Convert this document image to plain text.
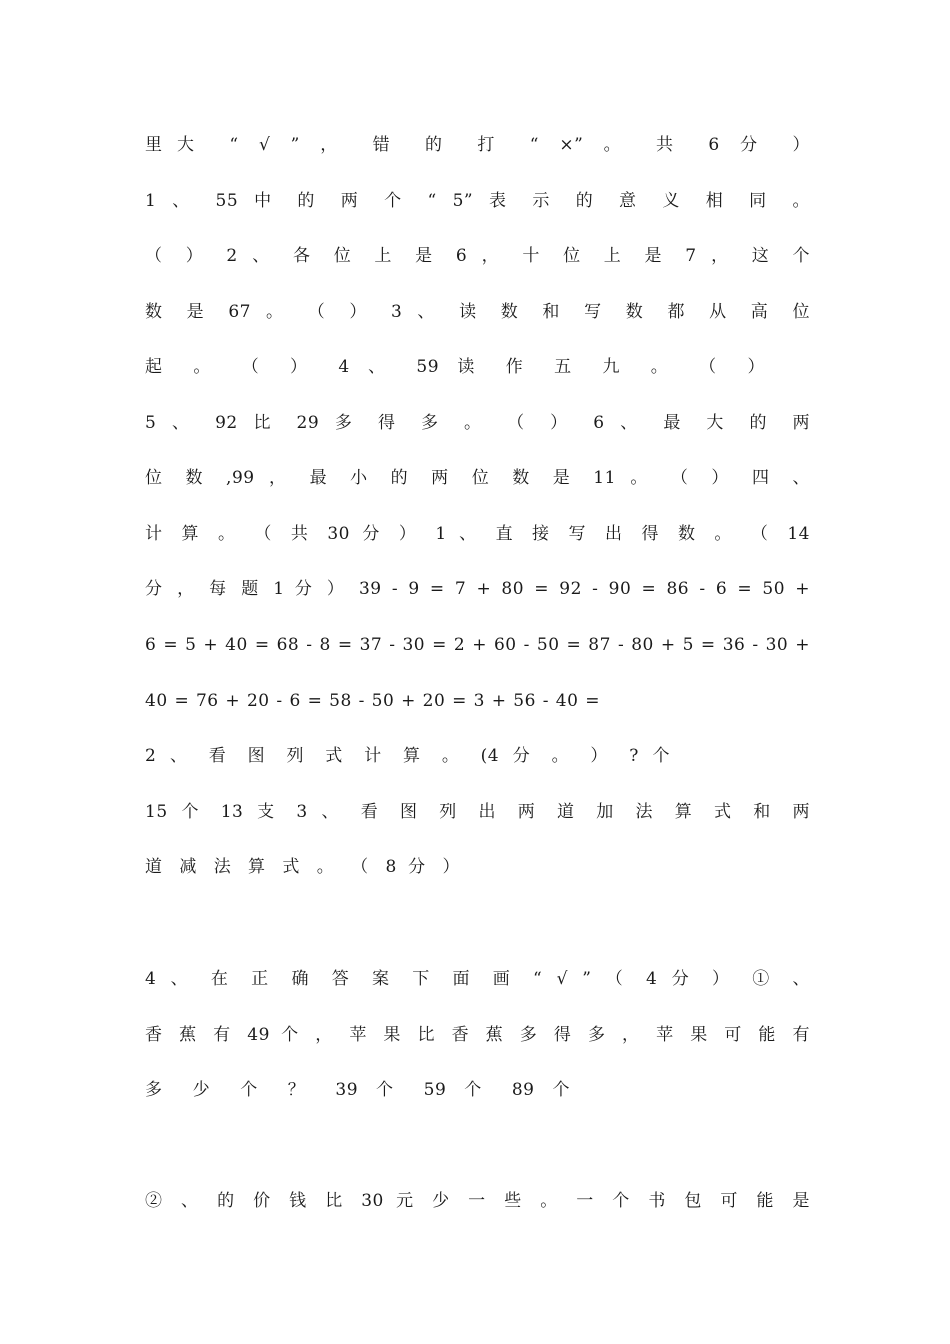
里大 “ √ ” ， 错 的 打 “ ×” 。 共 6 分 ）
1 、 55 中 的 两 个 “ 5” 表 示 的 意 义 相 同 。
（ ） 2 、 各 位 上 是 6 ， 十 位 上 是 7 ， 这 个
数 是 67 。 （ ） 3 、 读 数 和 写 数 都 从 高 位
起 。 （ ） 4 、 59 读 作 五 九 。 （ ）
5 、 92 比 29 多 得 多 。 （ ） 6 、 最 大 的 两
位 数 ,99 ， 最 小 的 两 位 数 是 11 。 （ ） 四 、
计 算 。 （ 共 30 分 ） 1 、 直 接 写 出 得 数 。 （ 14
分 ， 每 题 1 分 ） 39 - 9 = 7 + 80 = 92 - 90 = 86 - 6 = 50 +
6 = 5 + 40 = 68 - 8 = 37 - 30 = 2 + 60 - 50 = 87 - 80 + 5 = 36 - 30 +
40 = 76 + 20 - 6 = 58 - 50 + 20 = 3 + 56 - 40 =
2 、 看 图 列 式 计 算 。 (4 分 。 ） ? 个
15 个 13 支 3 、 看 图 列 出 两 道 加 法 算 式 和 两
道 减 法 算 式 。 （ 8 分 ）
4 、 在 正 确 答 案 下 面 画 “ √ ” （ 4 分 ） ① 、
香 蕉 有 49 个 ， 苹 果 比 香 蕉 多 得 多 ， 苹 果 可 能 有
多 少 个 ？ 39 个 59 个 89 个
② 、 的 价 钱 比 30 元 少 一 些 。 一 个 书 包 可 能 是
